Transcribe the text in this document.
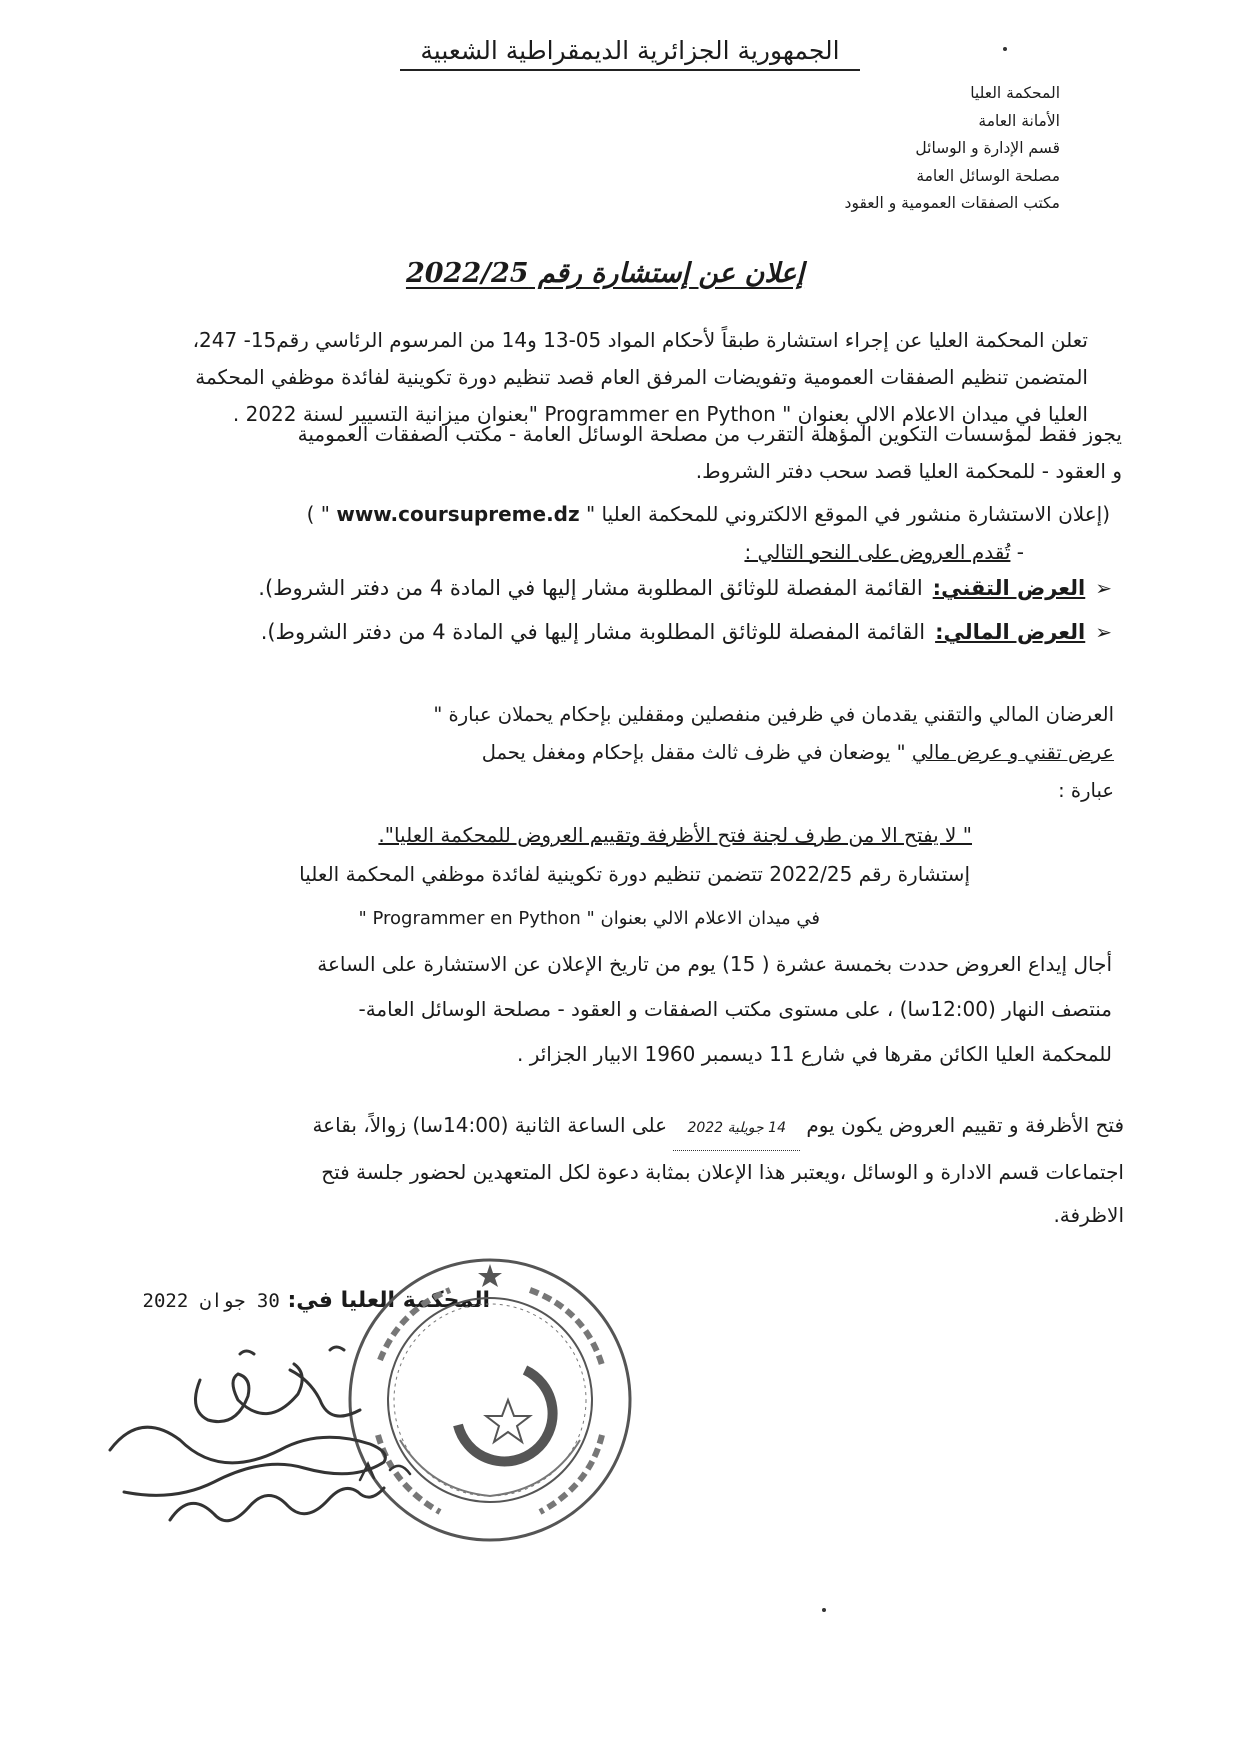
الجمهورية الجزائرية الديمقراطية الشعبية
المحكمة العليا
الأمانة العامة
قسم الإدارة و الوسائل
مصلحة الوسائل العامة
مكتب الصفقات العمومية و العقود
إعلان عن إستشارة رقم 2022/25
تعلن المحكمة العليا عن إجراء استشارة طبقاً لأحكام المواد 05-13 و14 من المرسوم الرئاسي رقم15- 247،
المتضمن تنظيم الصفقات العمومية وتفويضات المرفق العام قصد تنظيم دورة تكوينية لفائدة موظفي المحكمة
العليا في ميدان الاعلام الالي بعنوان " Programmer en Python "بعنوان ميزانية التسيير لسنة 2022 .
يجوز فقط لمؤسسات التكوين المؤهلة التقرب من مصلحة الوسائل العامة - مكتب الصفقات العمومية
و العقود - للمحكمة العليا قصد سحب دفتر الشروط.
(إعلان الاستشارة منشور في الموقع الالكتروني للمحكمة العليا " www.coursupreme.dz " )
- تُقدم العروض على النحو التالي :
➢
العرض التقني:
القائمة المفصلة للوثائق المطلوبة مشار إليها في المادة 4 من دفتر الشروط).
➢
العرض المالي:
القائمة المفصلة للوثائق المطلوبة مشار إليها في المادة 4 من دفتر الشروط).
العرضان المالي والتقني يقدمان في ظرفين منفصلين ومقفلين بإحكام يحملان عبارة "
عرض تقني و عرض مالي " يوضعان في ظرف ثالث مقفل بإحكام ومغفل يحمل
عبارة :
" لا يفتح الا من طرف لجنة فتح الأظرفة وتقييم العروض للمحكمة العليا".
إستشارة رقم 2022/25 تتضمن تنظيم دورة تكوينية لفائدة موظفي المحكمة العليا
في ميدان الاعلام الالي بعنوان " Programmer en Python "
أجال إيداع العروض حددت بخمسة عشرة ( 15) يوم من تاريخ الإعلان عن الاستشارة على الساعة
منتصف النهار (12:00سا) ، على مستوى مكتب الصفقات و العقود - مصلحة الوسائل العامة-
للمحكمة العليا الكائن مقرها في شارع 11 ديسمبر 1960 الابيار الجزائر .
فتح الأظرفة و تقييم العروض يكون يوم 14 جويلية 2022 على الساعة الثانية (14:00سا) زوالاً، بقاعة
اجتماعات قسم الادارة و الوسائل ،ويعتبر هذا الإعلان بمثابة دعوة لكل المتعهدين لحضور جلسة فتح
الاظرفة.
المحكمة العليا في: 30 جوان 2022
